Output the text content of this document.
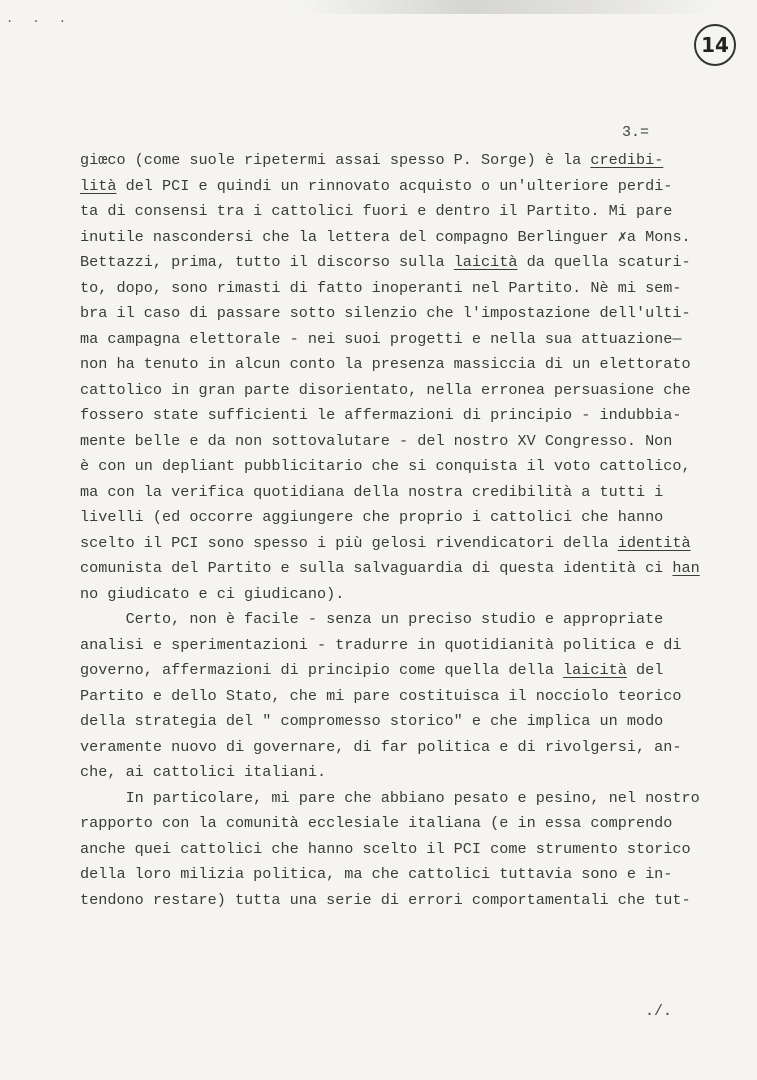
. . .
14
3.=
giœco (come suole ripetermi assai spesso P. Sorge) è la credibi-
lità del PCI e quindi un rinnovato acquisto o un'ulteriore perdi-
ta di consensi tra i cattolici fuori e dentro il Partito. Mi pare
inutile nascondersi che la lettera del compagno Berlinguer ✗a Mons.
Bettazzi, prima, tutto il discorso sulla laicità da quella scaturi-
to, dopo, sono rimasti di fatto inoperanti nel Partito. Nè mi sem-
bra il caso di passare sotto silenzio che l'impostazione dell'ulti-
ma campagna elettorale - nei suoi progetti e nella sua attuazione—
non ha tenuto in alcun conto la presenza massiccia di un elettorato
cattolico in gran parte disorientato, nella erronea persuasione che
fossero state sufficienti le affermazioni di principio - indubbia-
mente belle e da non sottovalutare - del nostro XV Congresso. Non
è con un depliant pubblicitario che si conquista il voto cattolico,
ma con la verifica quotidiana della nostra credibilità a tutti i
livelli (ed occorre aggiungere che proprio i cattolici che hanno
scelto il PCI sono spesso i più gelosi rivendicatori della identità
comunista del Partito e sulla salvaguardia di questa identità ci han
no giudicato e ci giudicano).
Certo, non è facile - senza un preciso studio e appropriate
analisi e sperimentazioni - tradurre in quotidianità politica e di
governo, affermazioni di principio come quella della laicità del
Partito e dello Stato, che mi pare costituisca il nocciolo teorico
della strategia del " compromesso storico" e che implica un modo
veramente nuovo di governare, di far politica e di rivolgersi, an-
che, ai cattolici italiani.
In particolare, mi pare che abbiano pesato e pesino, nel nostro
rapporto con la comunità ecclesiale italiana (e in essa comprendo
anche quei cattolici che hanno scelto il PCI come strumento storico
della loro milizia politica, ma che cattolici tuttavia sono e in-
tendono restare) tutta una serie di errori comportamentali che tut-
./.
